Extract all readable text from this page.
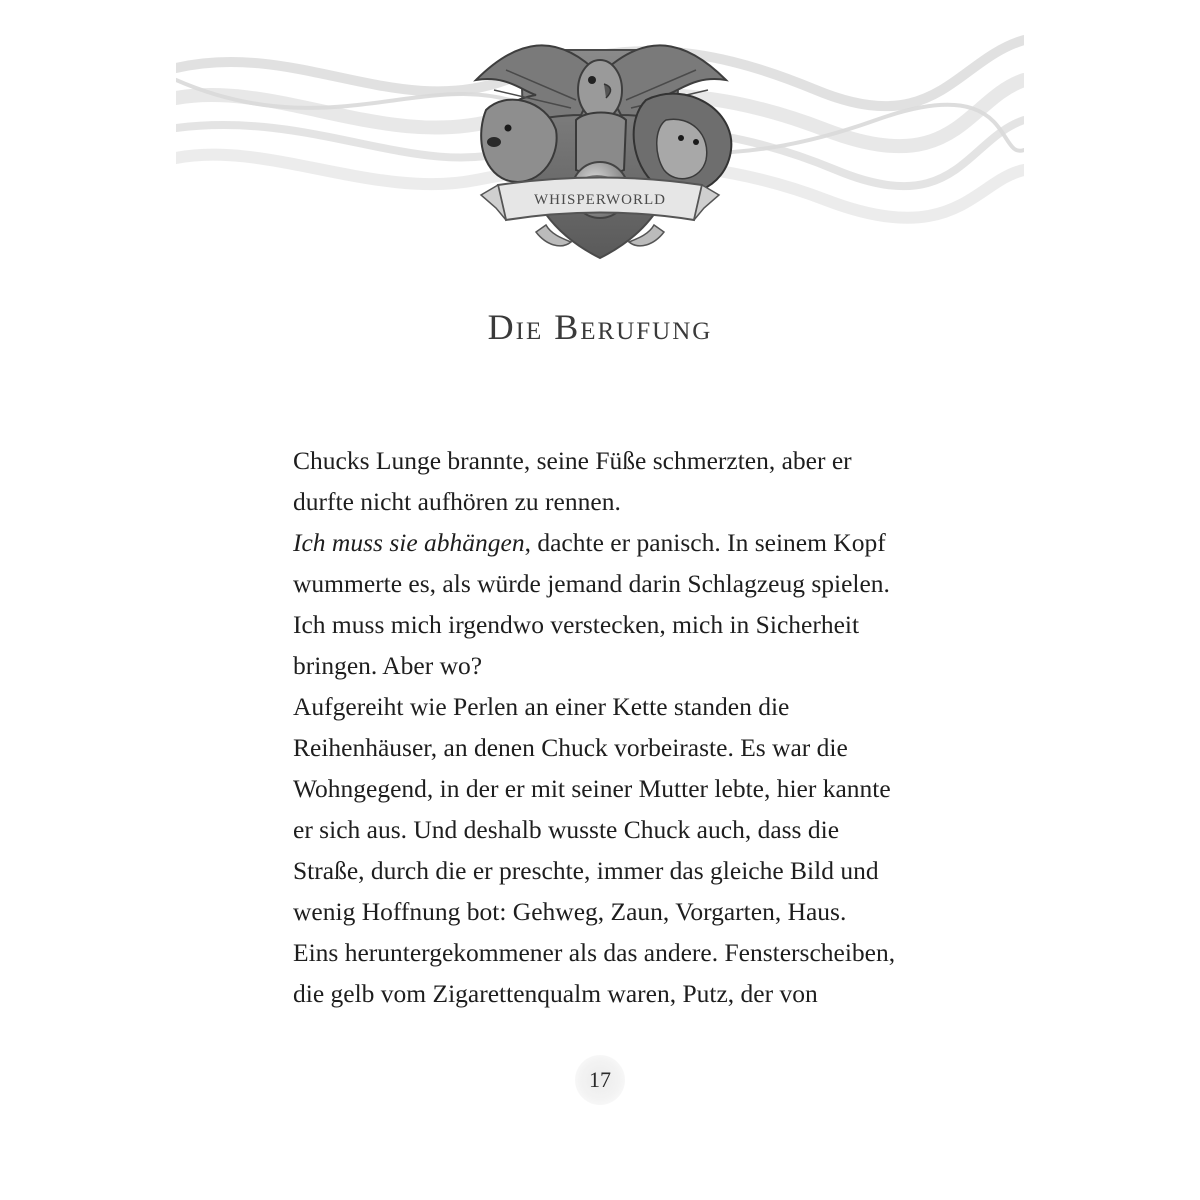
WHISPERWORLD
Die Berufung
Chucks Lunge brannte, seine Füße schmerzten, aber er
durfte nicht aufhören zu rennen.
Ich muss sie abhängen, dachte er panisch. In seinem Kopf
wummerte es, als würde jemand darin Schlagzeug spielen.
Ich muss mich irgendwo verstecken, mich in Sicherheit
bringen. Aber wo?
Aufgereiht wie Perlen an einer Kette standen die
Reihenhäuser, an denen Chuck vorbeiraste. Es war die
Wohngegend, in der er mit seiner Mutter lebte, hier kannte
er sich aus. Und deshalb wusste Chuck auch, dass die
Straße, durch die er preschte, immer das gleiche Bild und
wenig Hoffnung bot: Gehweg, Zaun, Vorgarten, Haus.
Eins heruntergekommener als das andere. Fensterscheiben,
die gelb vom Zigarettenqualm waren, Putz, der von
17
